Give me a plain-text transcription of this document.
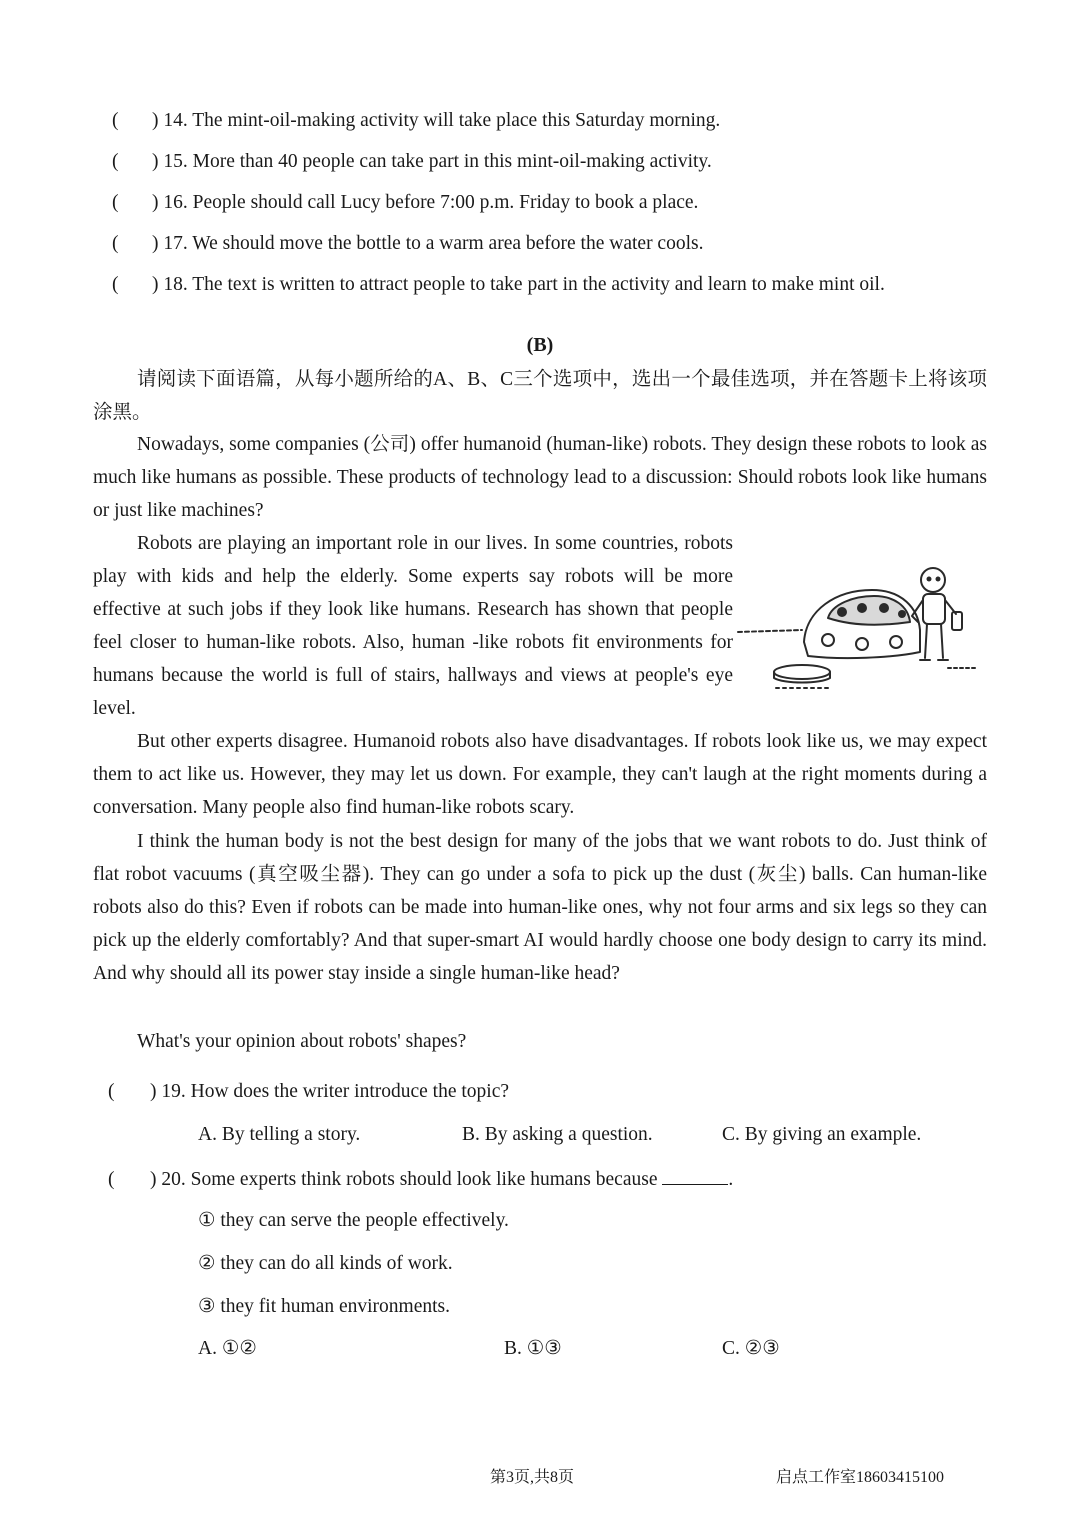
( ) 14. The mint-oil-making activity will take place this Saturday morning.
( ) 15. More than 40 people can take part in this mint-oil-making activity.
( ) 16. People should call Lucy before 7:00 p.m. Friday to book a place.
( ) 17. We should move the bottle to a warm area before the water cools.
( ) 18. The text is written to attract people to take part in the activity and learn to make mint oil.
(B)

请阅读下面语篇，从每小题所给的A、B、C三个选项中，选出一个最佳选项，并在答题卡上将该项涂黑。

Nowadays, some companies (公司) offer humanoid (human-like) robots. They design these robots to look as much like humans as possible. These products of technology lead to a discussion: Should robots look like humans or just like machines?

Robots are playing an important role in our lives. In some countries, robots play with kids and help the elderly. Some experts say robots will be more effective at such jobs if they look like humans. Research has shown that people feel closer to human-like robots. Also, human -like robots fit environments for humans because the world is full of stairs, hallways and views at people's eye level.

But other experts disagree. Humanoid robots also have disadvantages. If robots look like us, we may expect them to act like us. However, they may let us down. For example, they can't laugh at the right moments during a conversation. Many people also find human-like robots scary.

I think the human body is not the best design for many of the jobs that we want robots to do. Just think of flat robot vacuums (真空吸尘器). They can go under a sofa to pick up the dust (灰尘) balls. Can human-like robots also do this? Even if robots can be made into human-like ones, why not four arms and six legs so they can pick up the elderly comfortably? And that super-smart AI would hardly choose one body design to carry its mind. And why should all its power stay inside a single human-like head?

What's your opinion about robots' shapes?

( ) 19. How does the writer introduce the topic?
A. By telling a story.	B. By asking a question.	C. By giving an example.
( ) 20. Some experts think robots should look like humans because	.
① they can serve the people effectively.
② they can do all kinds of work.
③ they fit human environments.
A. ①②	B. ①③	C. ②③
第3页,共8页	启点工作室18603415100
